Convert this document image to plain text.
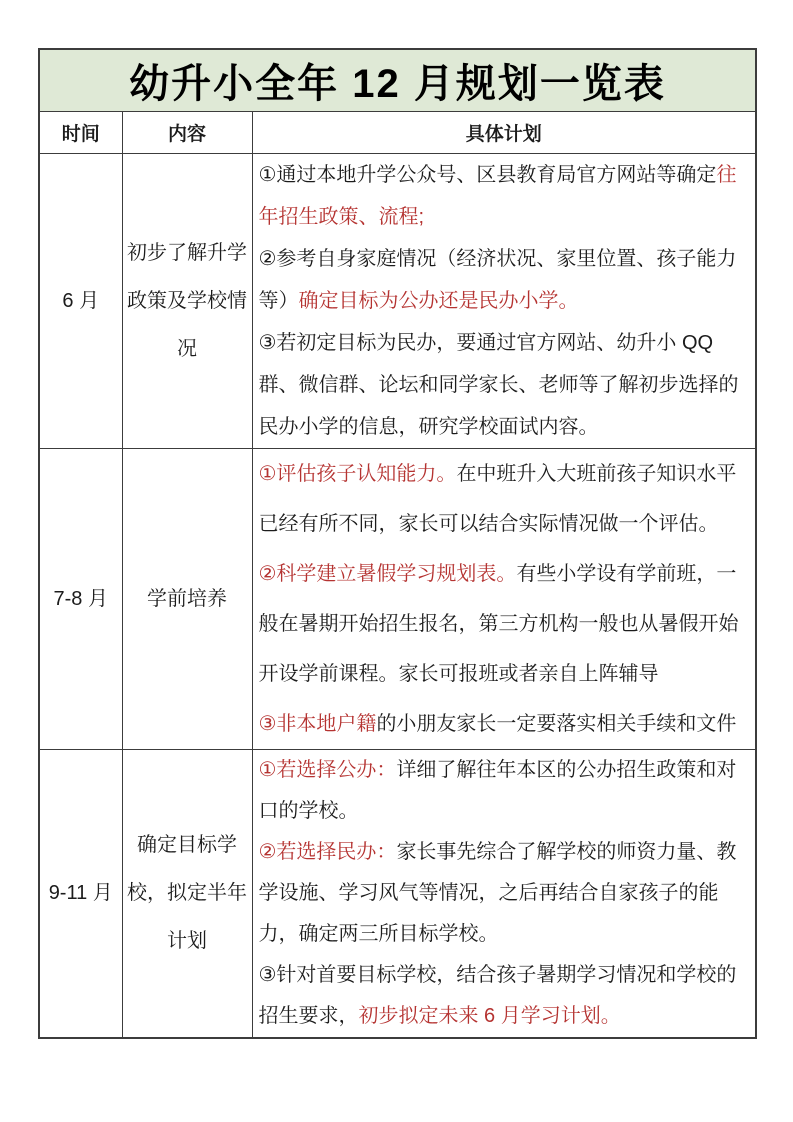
幼升小全年 12 月规划一览表		
时间	内容	具体计划
6 月	初步了解升学政策及学校情况	①通过本地升学公众号、区县教育局官方网站等确定往年招生政策、流程;

②参考自身家庭情况（经济状况、家里位置、孩子能力等）确定目标为公办还是民办小学。

③若初定目标为民办，要通过官方网站、幼升小 QQ 群、微信群、论坛和同学家长、老师等了解初步选择的民办小学的信息，研究学校面试内容。

7-8 月	学前培养	①评估孩子认知能力。在中班升入大班前孩子知识水平已经有所不同，家长可以结合实际情况做一个评估。

②科学建立暑假学习规划表。有些小学设有学前班，一般在暑期开始招生报名，第三方机构一般也从暑假开始开设学前课程。家长可报班或者亲自上阵辅导

③非本地户籍的小朋友家长一定要落实相关手续和文件

9-11 月	确定目标学校，拟定半年计划	①若选择公办：详细了解往年本区的公办招生政策和对口的学校。

②若选择民办：家长事先综合了解学校的师资力量、教学设施、学习风气等情况，之后再结合自家孩子的能力，确定两三所目标学校。

③针对首要目标学校，结合孩子暑期学习情况和学校的招生要求，初步拟定未来 6 月学习计划。
